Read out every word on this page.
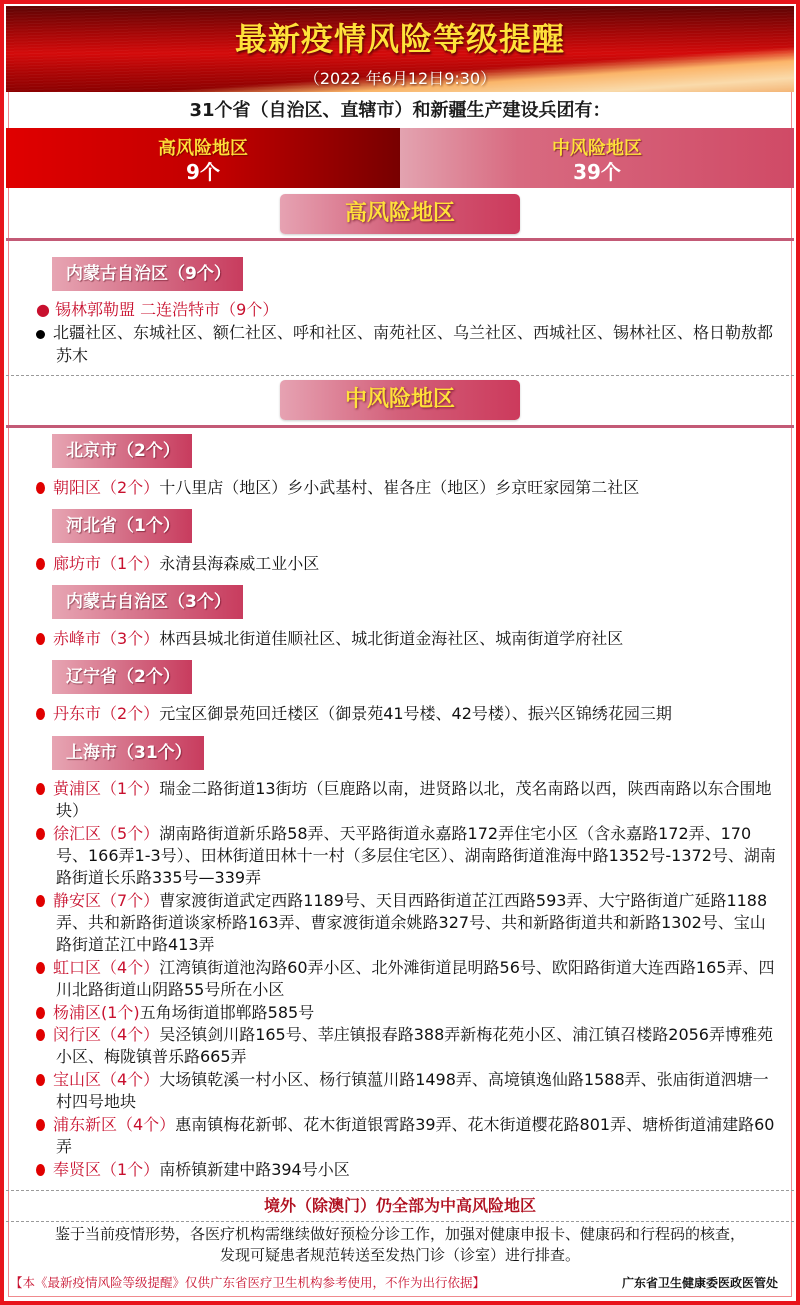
最新疫情风险等级提醒
（2022 年6月12日9:30）
31个省（自治区、直辖市）和新疆生产建设兵团有：
高风险地区
9个
中风险地区
39个
高风险地区
内蒙古自治区（9个）
● 锡林郭勒盟 二连浩特市（9个）
北疆社区、东城社区、额仁社区、呼和社区、南苑社区、乌兰社区、西城社区、锡林社区、格日勒敖都苏木
中风险地区
北京市（2个）
朝阳区（2个）十八里店（地区）乡小武基村、崔各庄（地区）乡京旺家园第二社区
河北省（1个）
廊坊市（1个）永清县海森威工业小区
内蒙古自治区（3个）
赤峰市（3个）林西县城北街道佳顺社区、城北街道金海社区、城南街道学府社区
辽宁省（2个）
丹东市（2个）元宝区御景苑回迁楼区（御景苑41号楼、42号楼）、振兴区锦绣花园三期
上海市（31个）
黄浦区（1个）瑞金二路街道13街坊（巨鹿路以南，进贤路以北，茂名南路以西，陕西南路以东合围地块）
徐汇区（5个）湖南路街道新乐路58弄、天平路街道永嘉路172弄住宅小区（含永嘉路172弄、170号、166弄1-3号）、田林街道田林十一村（多层住宅区）、湖南路街道淮海中路1352号-1372号、湖南路街道长乐路335号—339弄
静安区（7个）曹家渡街道武定西路1189号、天目西路街道芷江西路593弄、大宁路街道广延路1188弄、共和新路街道谈家桥路163弄、曹家渡街道余姚路327号、共和新路街道共和新路1302号、宝山路街道芷江中路413弄
虹口区（4个）江湾镇街道池沟路60弄小区、北外滩街道昆明路56号、欧阳路街道大连西路165弄、四川北路街道山阴路55号所在小区
杨浦区(1个)五角场街道邯郸路585号
闵行区（4个）吴泾镇剑川路165号、莘庄镇报春路388弄新梅花苑小区、浦江镇召楼路2056弄博雅苑小区、梅陇镇普乐路665弄
宝山区（4个）大场镇乾溪一村小区、杨行镇蕰川路1498弄、高境镇逸仙路1588弄、张庙街道泗塘一村四号地块
浦东新区（4个）惠南镇梅花新邨、花木街道银霄路39弄、花木街道樱花路801弄、塘桥街道浦建路60弄
奉贤区（1个）南桥镇新建中路394号小区
境外（除澳门）仍全部为中高风险地区
鉴于当前疫情形势，各医疗机构需继续做好预检分诊工作，加强对健康申报卡、健康码和行程码的核查，
发现可疑患者规范转送至发热门诊（诊室）进行排查。
【本《最新疫情风险等级提醒》仅供广东省医疗卫生机构参考使用，不作为出行依据】	广东省卫生健康委医政医管处
